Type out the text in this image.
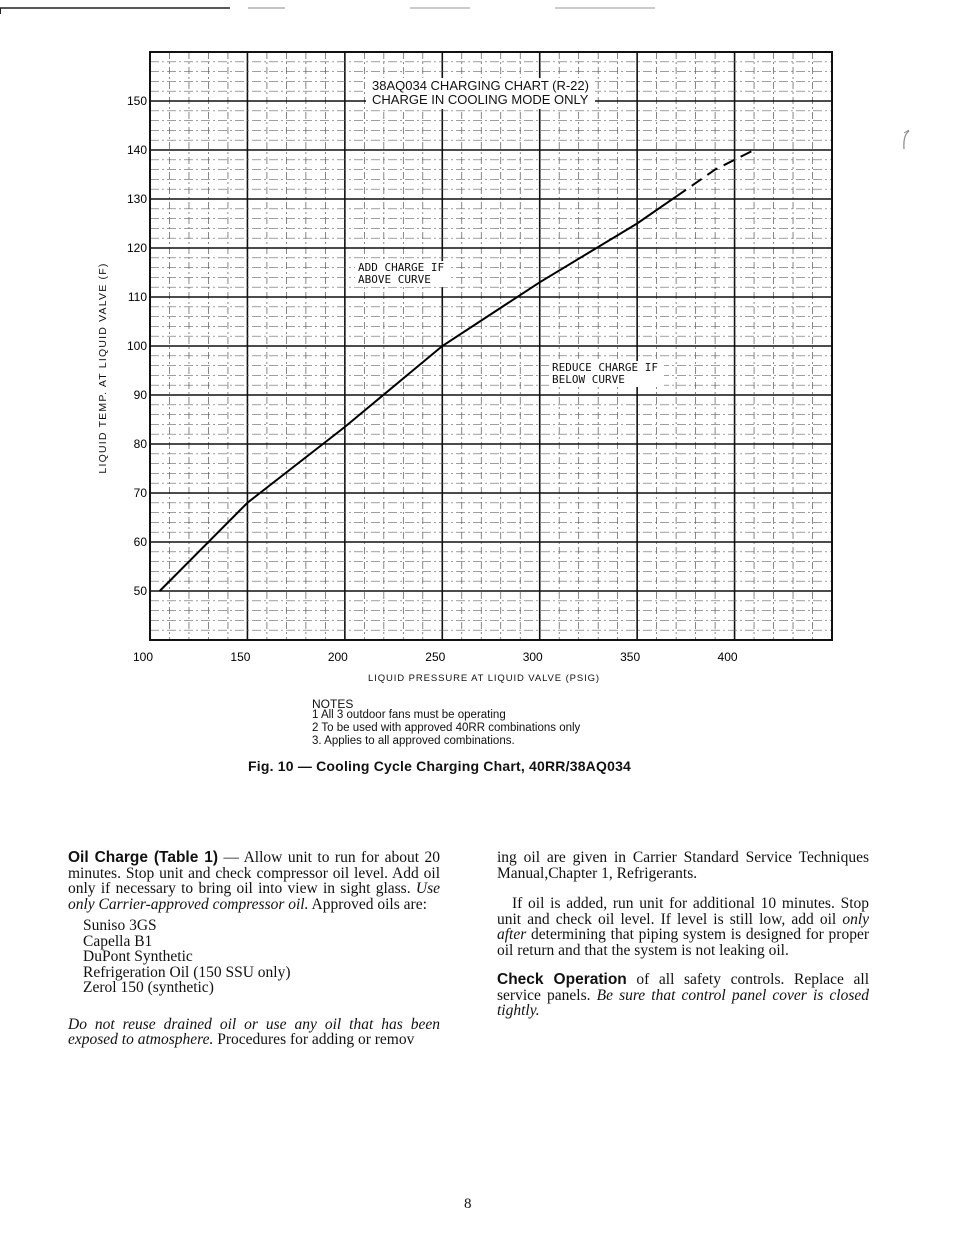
150
140
130
120
110
100
90
80
70
60
50
100	150	200	250	300	350	400
38AQ034 CHARGING CHART (R-22)
CHARGE IN COOLING MODE ONLY
ADD CHARGE IF
ABOVE CURVE
REDUCE CHARGE IF
BELOW CURVE
LIQUID TEMP. AT LIQUID VALVE (F)
LIQUID PRESSURE AT LIQUID VALVE (PSIG)
NOTES
1 All 3 outdoor fans must be operating
2 To be used with approved 40RR combinations only
3. Applies to all approved combinations.
Fig. 10 — Cooling Cycle Charging Chart, 40RR/38AQ034

Oil Charge (Table 1) — Allow unit to run for about 20 minutes. Stop unit and check compressor oil level. Add oil only if necessary to bring oil into view in sight glass. Use only Carrier-approved compressor oil. Approved oils are:

Suniso 3GS
Capella B1
DuPont Synthetic
Refrigeration Oil (150 SSU only)
Zerol 150 (synthetic)

Do not reuse drained oil or use any oil that has been exposed to atmosphere. Procedures for adding or remov

ing oil are given in Carrier Standard Service Techniques Manual,Chapter 1, Refrigerants.

If oil is added, run unit for additional 10 minutes. Stop unit and check oil level. If level is still low, add oil only after determining that piping system is designed for proper oil return and that the system is not leaking oil.

Check Operation of all safety controls. Replace all service panels. Be sure that control panel cover is closed tightly.

8
